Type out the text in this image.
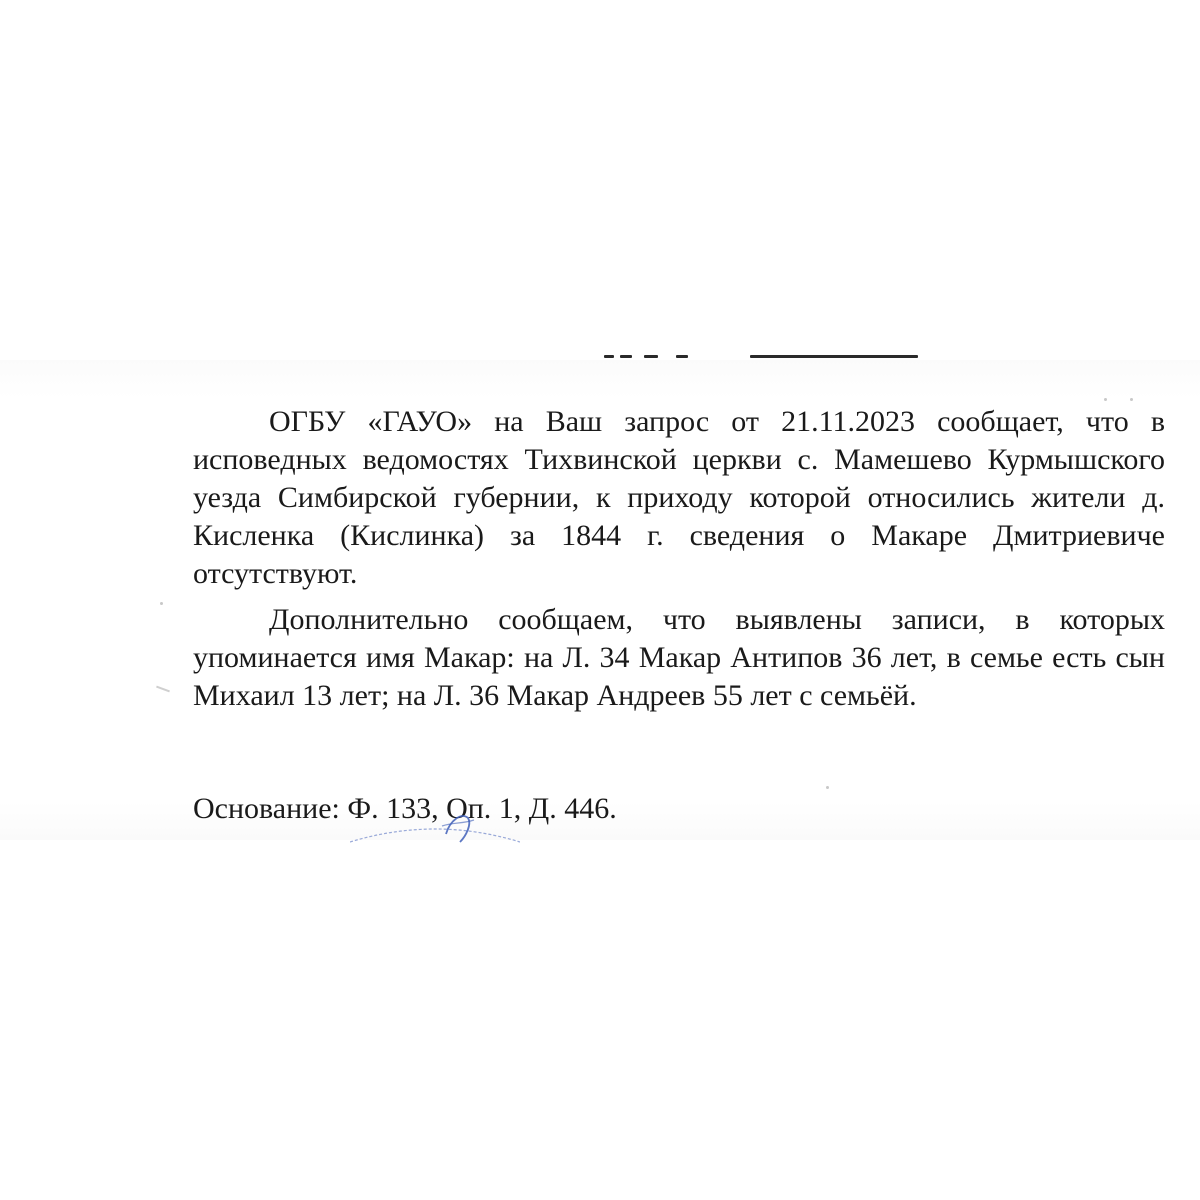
ОГБУ «ГАУО» на Ваш запрос от 21.11.2023 сообщает, что в исповедных ведомостях Тихвинской церкви с. Мамешево Курмышского уезда Симбирской губернии, к приходу которой относились жители д. Кисленка (Кислинка) за 1844 г. сведения о Макаре Дмитриевиче отсутствуют.

Дополнительно сообщаем, что выявлены записи, в которых упоминается имя Макар: на Л. 34 Макар Антипов 36 лет, в семье есть сын Михаил 13 лет; на Л. 36 Макар Андреев 55 лет с семьёй.

Основание: Ф. 133, Оп. 1, Д. 446.
